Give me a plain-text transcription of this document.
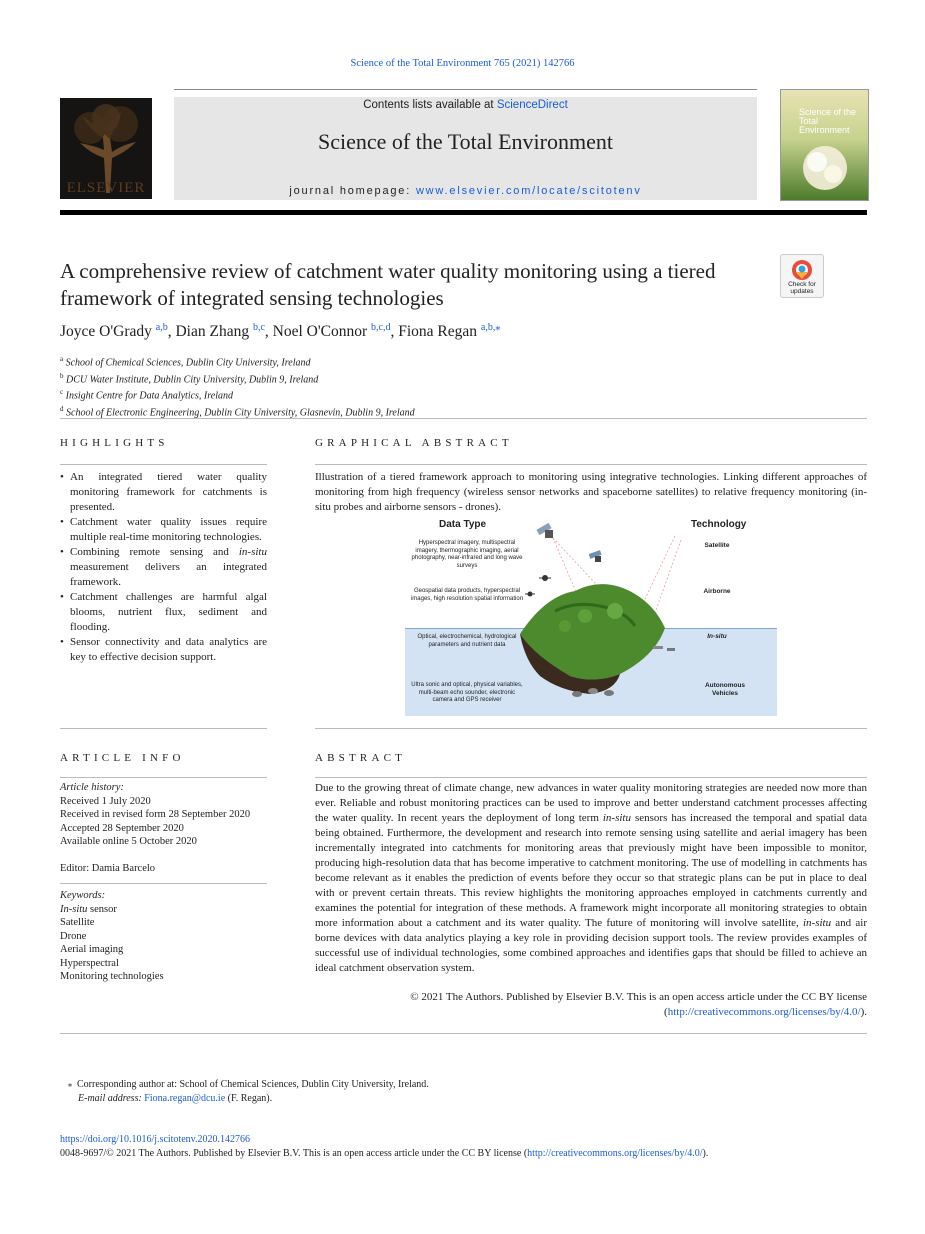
Science of the Total Environment 765 (2021) 142766
ELSEVIER
Contents lists available at ScienceDirect
Science of the Total Environment
journal homepage: www.elsevier.com/locate/scitotenv
Science of the Total Environment
A comprehensive review of catchment water quality monitoring using a tiered framework of integrated sensing technologies
Check for updates
Joyce O'Grady $^{a,b}$, Dian Zhang $^{b,c}$, Noel O'Connor $^{b,c,d}$, Fiona Regan $^{a,b,⁎}$
$^a$ School of Chemical Sciences, Dublin City University, Ireland
$^b$ DCU Water Institute, Dublin City University, Dublin 9, Ireland
$^c$ Insight Centre for Data Analytics, Ireland
$^d$ School of Electronic Engineering, Dublin City University, Glasnevin, Dublin 9, Ireland
HIGHLIGHTS
• An integrated tiered water quality monitoring framework for catchments is presented.
• Catchment water quality issues require multiple real-time monitoring technologies.
• Combining remote sensing and in-situ measurement delivers an integrated framework.
• Catchment challenges are harmful algal blooms, nutrient flux, sediment and flooding.
• Sensor connectivity and data analytics are key to effective decision support.
GRAPHICAL ABSTRACT
Illustration of a tiered framework approach to monitoring using integrative technologies. Linking different approaches of monitoring from high frequency (wireless sensor networks and spaceborne satellites) to relative frequency monitoring (in-situ probes and airborne sensors - drones).
Data Type	Technology
Hyperspectral imagery, multispectral imagery, thermographic imaging, aerial photography, near-infrared and long wave surveys
Satellite
Geospatial data products, hyperspectral images, high resolution spatial information
Airborne
Optical, electrochemical, hydrological parameters and nutrient data
In-situ
Ultra sonic and optical, physical variables, multi-beam echo sounder, electronic camera and GPS receiver
Autonomous Vehicles
ARTICLE INFO
Article history:
Received 1 July 2020
Received in revised form 28 September 2020
Accepted 28 September 2020
Available online 5 October 2020
Editor: Damia Barcelo
Keywords:
In-situ sensor
Satellite
Drone
Aerial imaging
Hyperspectral
Monitoring technologies
ABSTRACT
Due to the growing threat of climate change, new advances in water quality monitoring strategies are needed now more than ever. Reliable and robust monitoring practices can be used to improve and better understand catchment processes affecting the water quality. In recent years the deployment of long term in-situ sensors has increased the temporal and spatial data being obtained. Furthermore, the development and research into remote sensing using satellite and aerial imagery has been incrementally integrated into catchments for monitoring areas that previously might have been impossible to monitor, producing high-resolution data that has become imperative to catchment monitoring. The use of modelling in catchments has become relevant as it enables the prediction of events before they occur so that strategic plans can be put in place to deal with or prevent certain threats. This review highlights the monitoring approaches employed in catchments currently and examines the potential for integration of these methods. A framework might incorporate all monitoring strategies to obtain more information about a catchment and its water quality. The future of monitoring will involve satellite, in-situ and air borne devices with data analytics playing a key role in providing decision support tools. The review provides examples of successful use of individual technologies, some combined approaches and identifies gaps that should be filled to achieve an ideal catchment observation system.
© 2021 The Authors. Published by Elsevier B.V. This is an open access article under the CC BY license (http://creativecommons.org/licenses/by/4.0/).
⁎ Corresponding author at: School of Chemical Sciences, Dublin City University, Ireland.
E-mail address: Fiona.regan@dcu.ie (F. Regan).
https://doi.org/10.1016/j.scitotenv.2020.142766
0048-9697/© 2021 The Authors. Published by Elsevier B.V. This is an open access article under the CC BY license (http://creativecommons.org/licenses/by/4.0/).
